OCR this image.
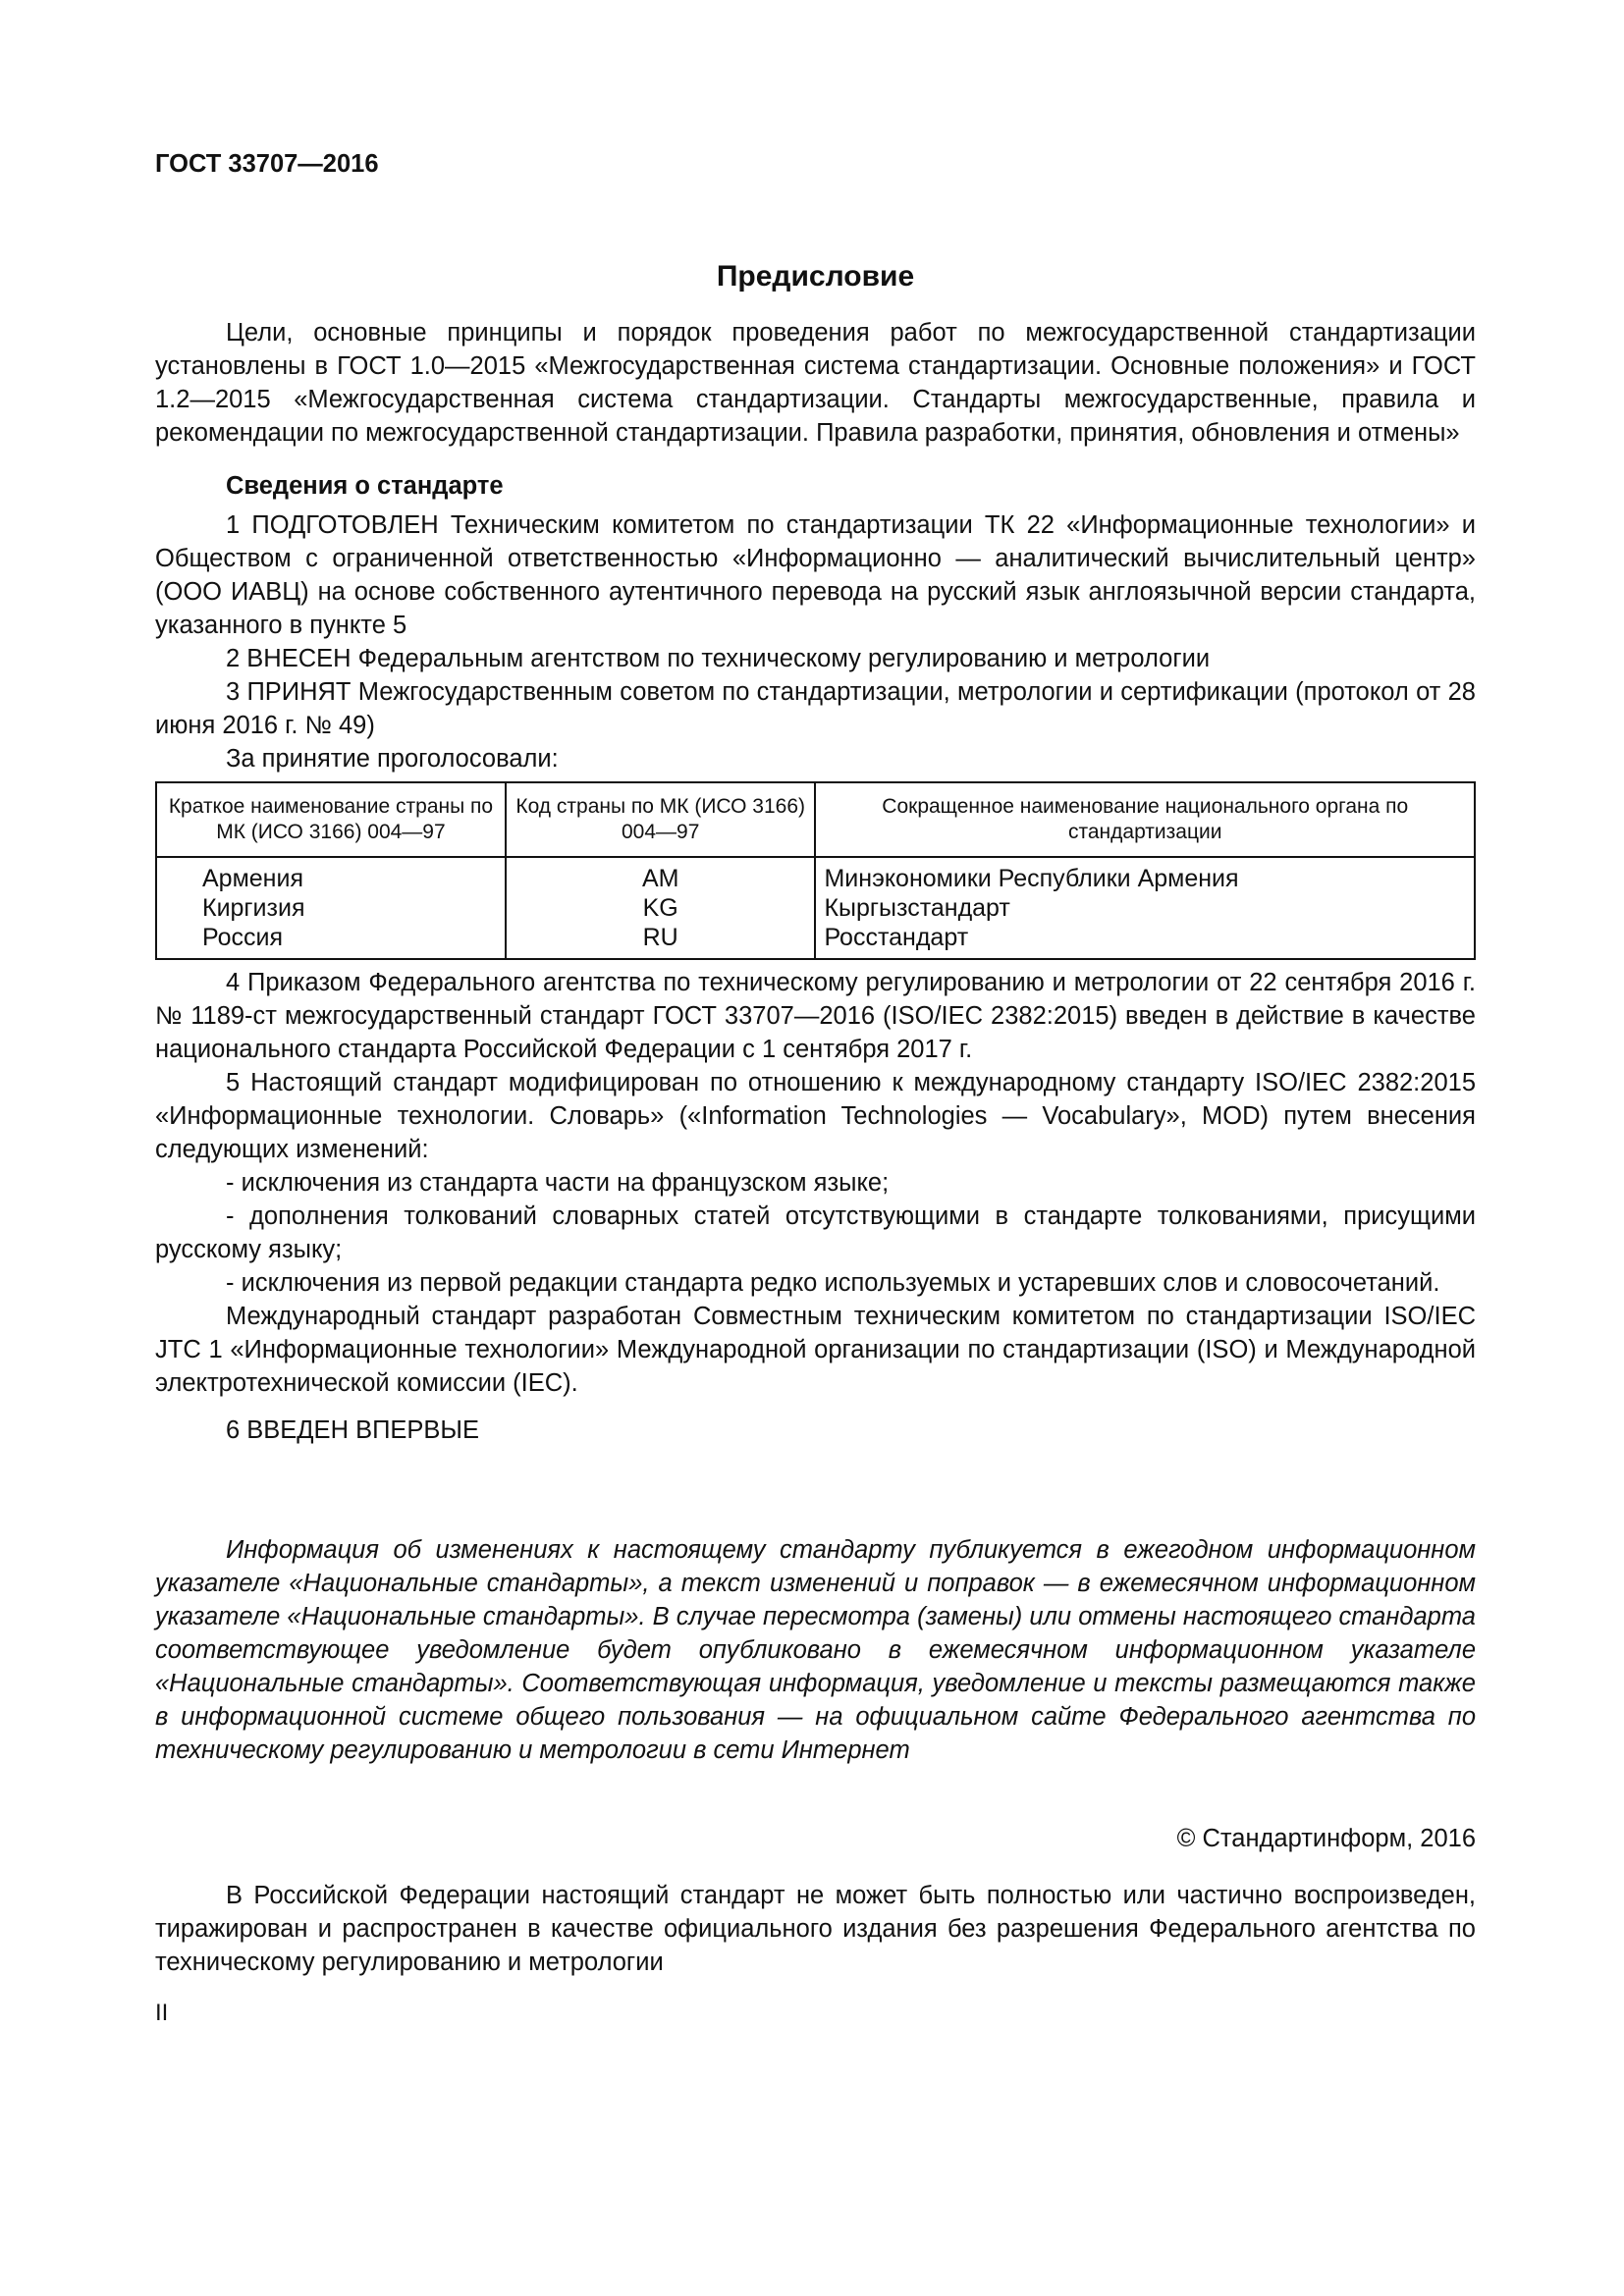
ГОСТ 33707—2016
Предисловие

Цели, основные принципы и порядок проведения работ по межгосударственной стандартизации установлены в ГОСТ 1.0—2015 «Межгосударственная система стандартизации. Основные положения» и ГОСТ 1.2—2015 «Межгосударственная система стандартизации. Стандарты межгосударственные, правила и рекомендации по межгосударственной стандартизации. Правила разработки, принятия, обновления и отмены»

Сведения о стандарте

1 ПОДГОТОВЛЕН Техническим комитетом по стандартизации ТК 22 «Информационные технологии» и Обществом с ограниченной ответственностью «Информационно — аналитический вычислительный центр» (ООО ИАВЦ) на основе собственного аутентичного перевода на русский язык англоязычной версии стандарта, указанного в пункте 5

2 ВНЕСЕН Федеральным агентством по техническому регулированию и метрологии

3 ПРИНЯТ Межгосударственным советом по стандартизации, метрологии и сертификации (протокол от 28 июня 2016 г. № 49)

За принятие проголосовали:

Краткое наименование страны по МК (ИСО 3166) 004—97	Код страны по МК (ИСО 3166) 004—97	Сокращенное наименование национального органа по стандартизации
Армения	AM	Минэкономики Республики Армения
Киргизия	KG	Кыргызстандарт
Россия	RU	Росстандарт

4 Приказом Федерального агентства по техническому регулированию и метрологии от 22 сентября 2016 г. № 1189-ст межгосударственный стандарт ГОСТ 33707—2016 (ISO/IEC 2382:2015) введен в действие в качестве национального стандарта Российской Федерации с 1 сентября 2017 г.

5 Настоящий стандарт модифицирован по отношению к международному стандарту ISO/IEC 2382:2015 «Информационные технологии. Словарь» («Information Technologies — Vocabulary», MOD) путем внесения следующих изменений:

- исключения из стандарта части на французском языке;

- дополнения толкований словарных статей отсутствующими в стандарте толкованиями, присущими русскому языку;

- исключения из первой редакции стандарта редко используемых и устаревших слов и словосочетаний.

Международный стандарт разработан Совместным техническим комитетом по стандартизации ISO/IEC JTC 1 «Информационные технологии» Международной организации по стандартизации (ISO) и Международной электротехнической комиссии (IEC).

6 ВВЕДЕН ВПЕРВЫЕ

Информация об изменениях к настоящему стандарту публикуется в ежегодном информационном указателе «Национальные стандарты», а текст изменений и поправок — в ежемесячном информационном указателе «Национальные стандарты». В случае пересмотра (замены) или отмены настоящего стандарта соответствующее уведомление будет опубликовано в ежемесячном информационном указателе «Национальные стандарты». Соответствующая информация, уведомление и тексты размещаются также в информационной системе общего пользования — на официальном сайте Федерального агентства по техническому регулированию и метрологии в сети Интернет

© Стандартинформ, 2016

В Российской Федерации настоящий стандарт не может быть полностью или частично воспроизведен, тиражирован и распространен в качестве официального издания без разрешения Федерального агентства по техническому регулированию и метрологии

II
